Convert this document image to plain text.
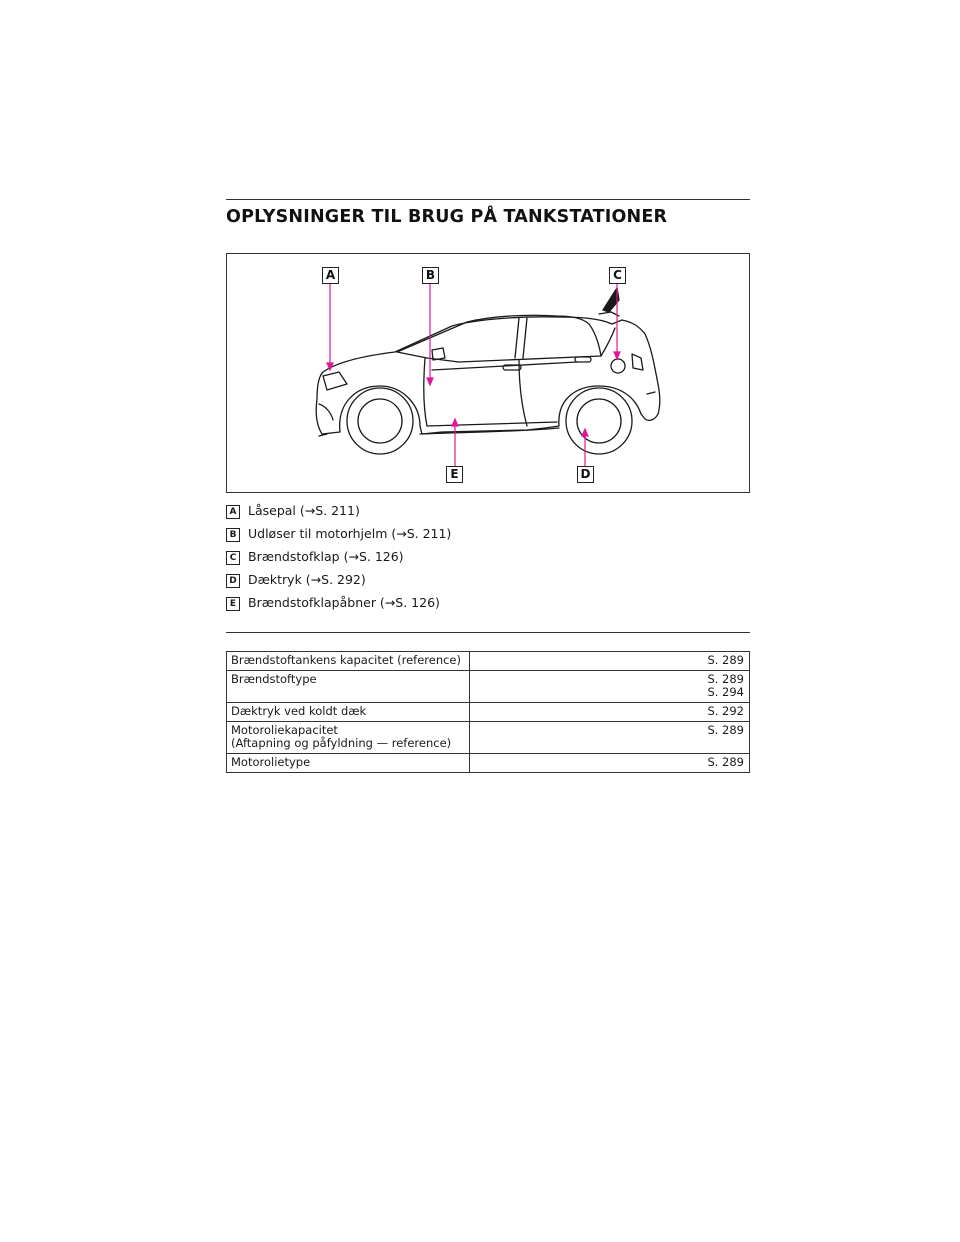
OPLYSNINGER TIL BRUG PÅ TANKSTATIONER
A	B	C
E	D
A Låsepal (→S. 211)
B Udløser til motorhjelm (→S. 211)
C Brændstofklap (→S. 126)
D Dæktryk (→S. 292)
E Brændstofklapåbner (→S. 126)
Brændstoftankens kapacitet (reference)	S. 289
Brændstoftype	S. 289
S. 294
Dæktryk ved koldt dæk	S. 292
Motoroliekapacitet
(Aftapning og påfyldning — reference)	S. 289
Motorolietype	S. 289
